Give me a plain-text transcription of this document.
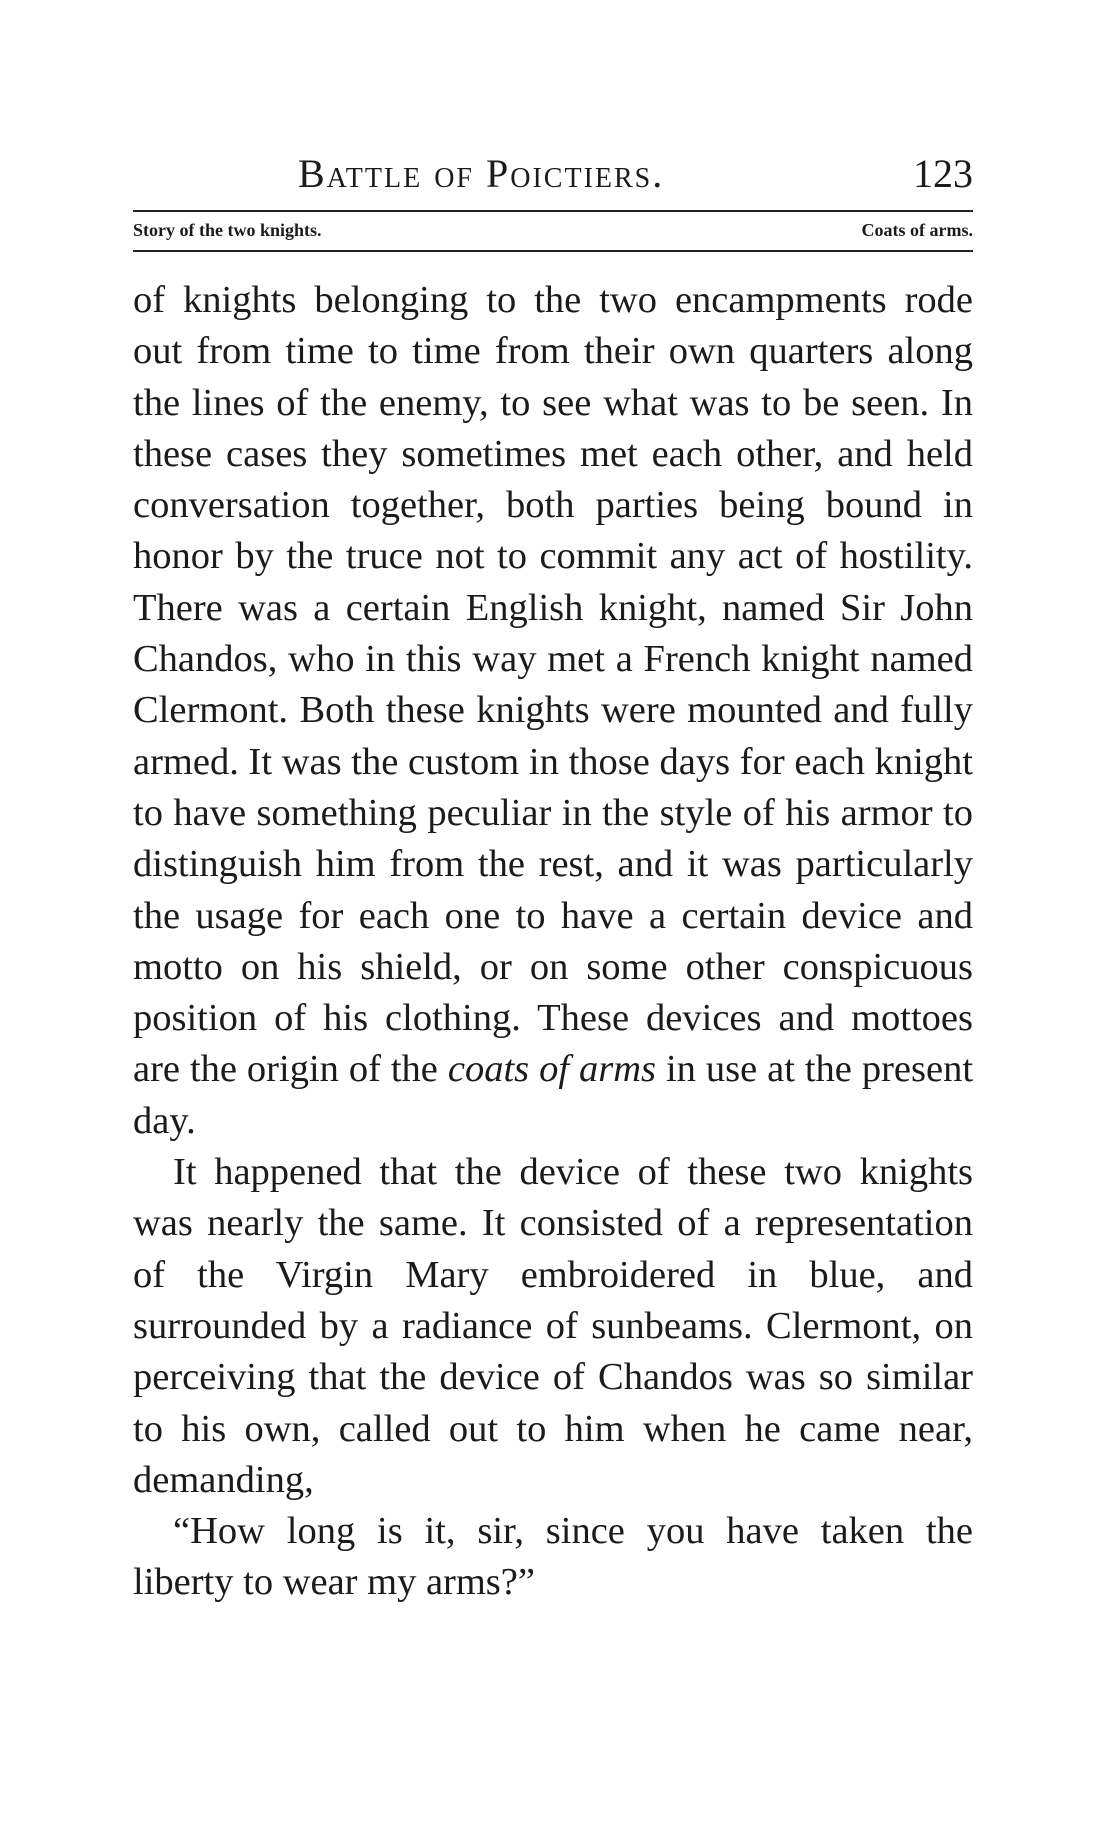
Battle of Poictiers.	123
Story of the two knights.	Coats of arms.

of knights belonging to the two encampments rode out from time to time from their own quarters along the lines of the enemy, to see what was to be seen. In these cases they sometimes met each other, and held conversation together, both parties being bound in honor by the truce not to commit any act of hostility. There was a certain English knight, named Sir John Chandos, who in this way met a French knight named Clermont. Both these knights were mounted and fully armed. It was the custom in those days for each knight to have something peculiar in the style of his armor to distinguish him from the rest, and it was particularly the usage for each one to have a certain device and motto on his shield, or on some other conspicuous position of his clothing. These devices and mottoes are the origin of the coats of arms in use at the present day.

It happened that the device of these two knights was nearly the same. It consisted of a representation of the Virgin Mary embroidered in blue, and surrounded by a radiance of sunbeams. Clermont, on perceiving that the device of Chandos was so similar to his own, called out to him when he came near, demanding,

“How long is it, sir, since you have taken the liberty to wear my arms?”
